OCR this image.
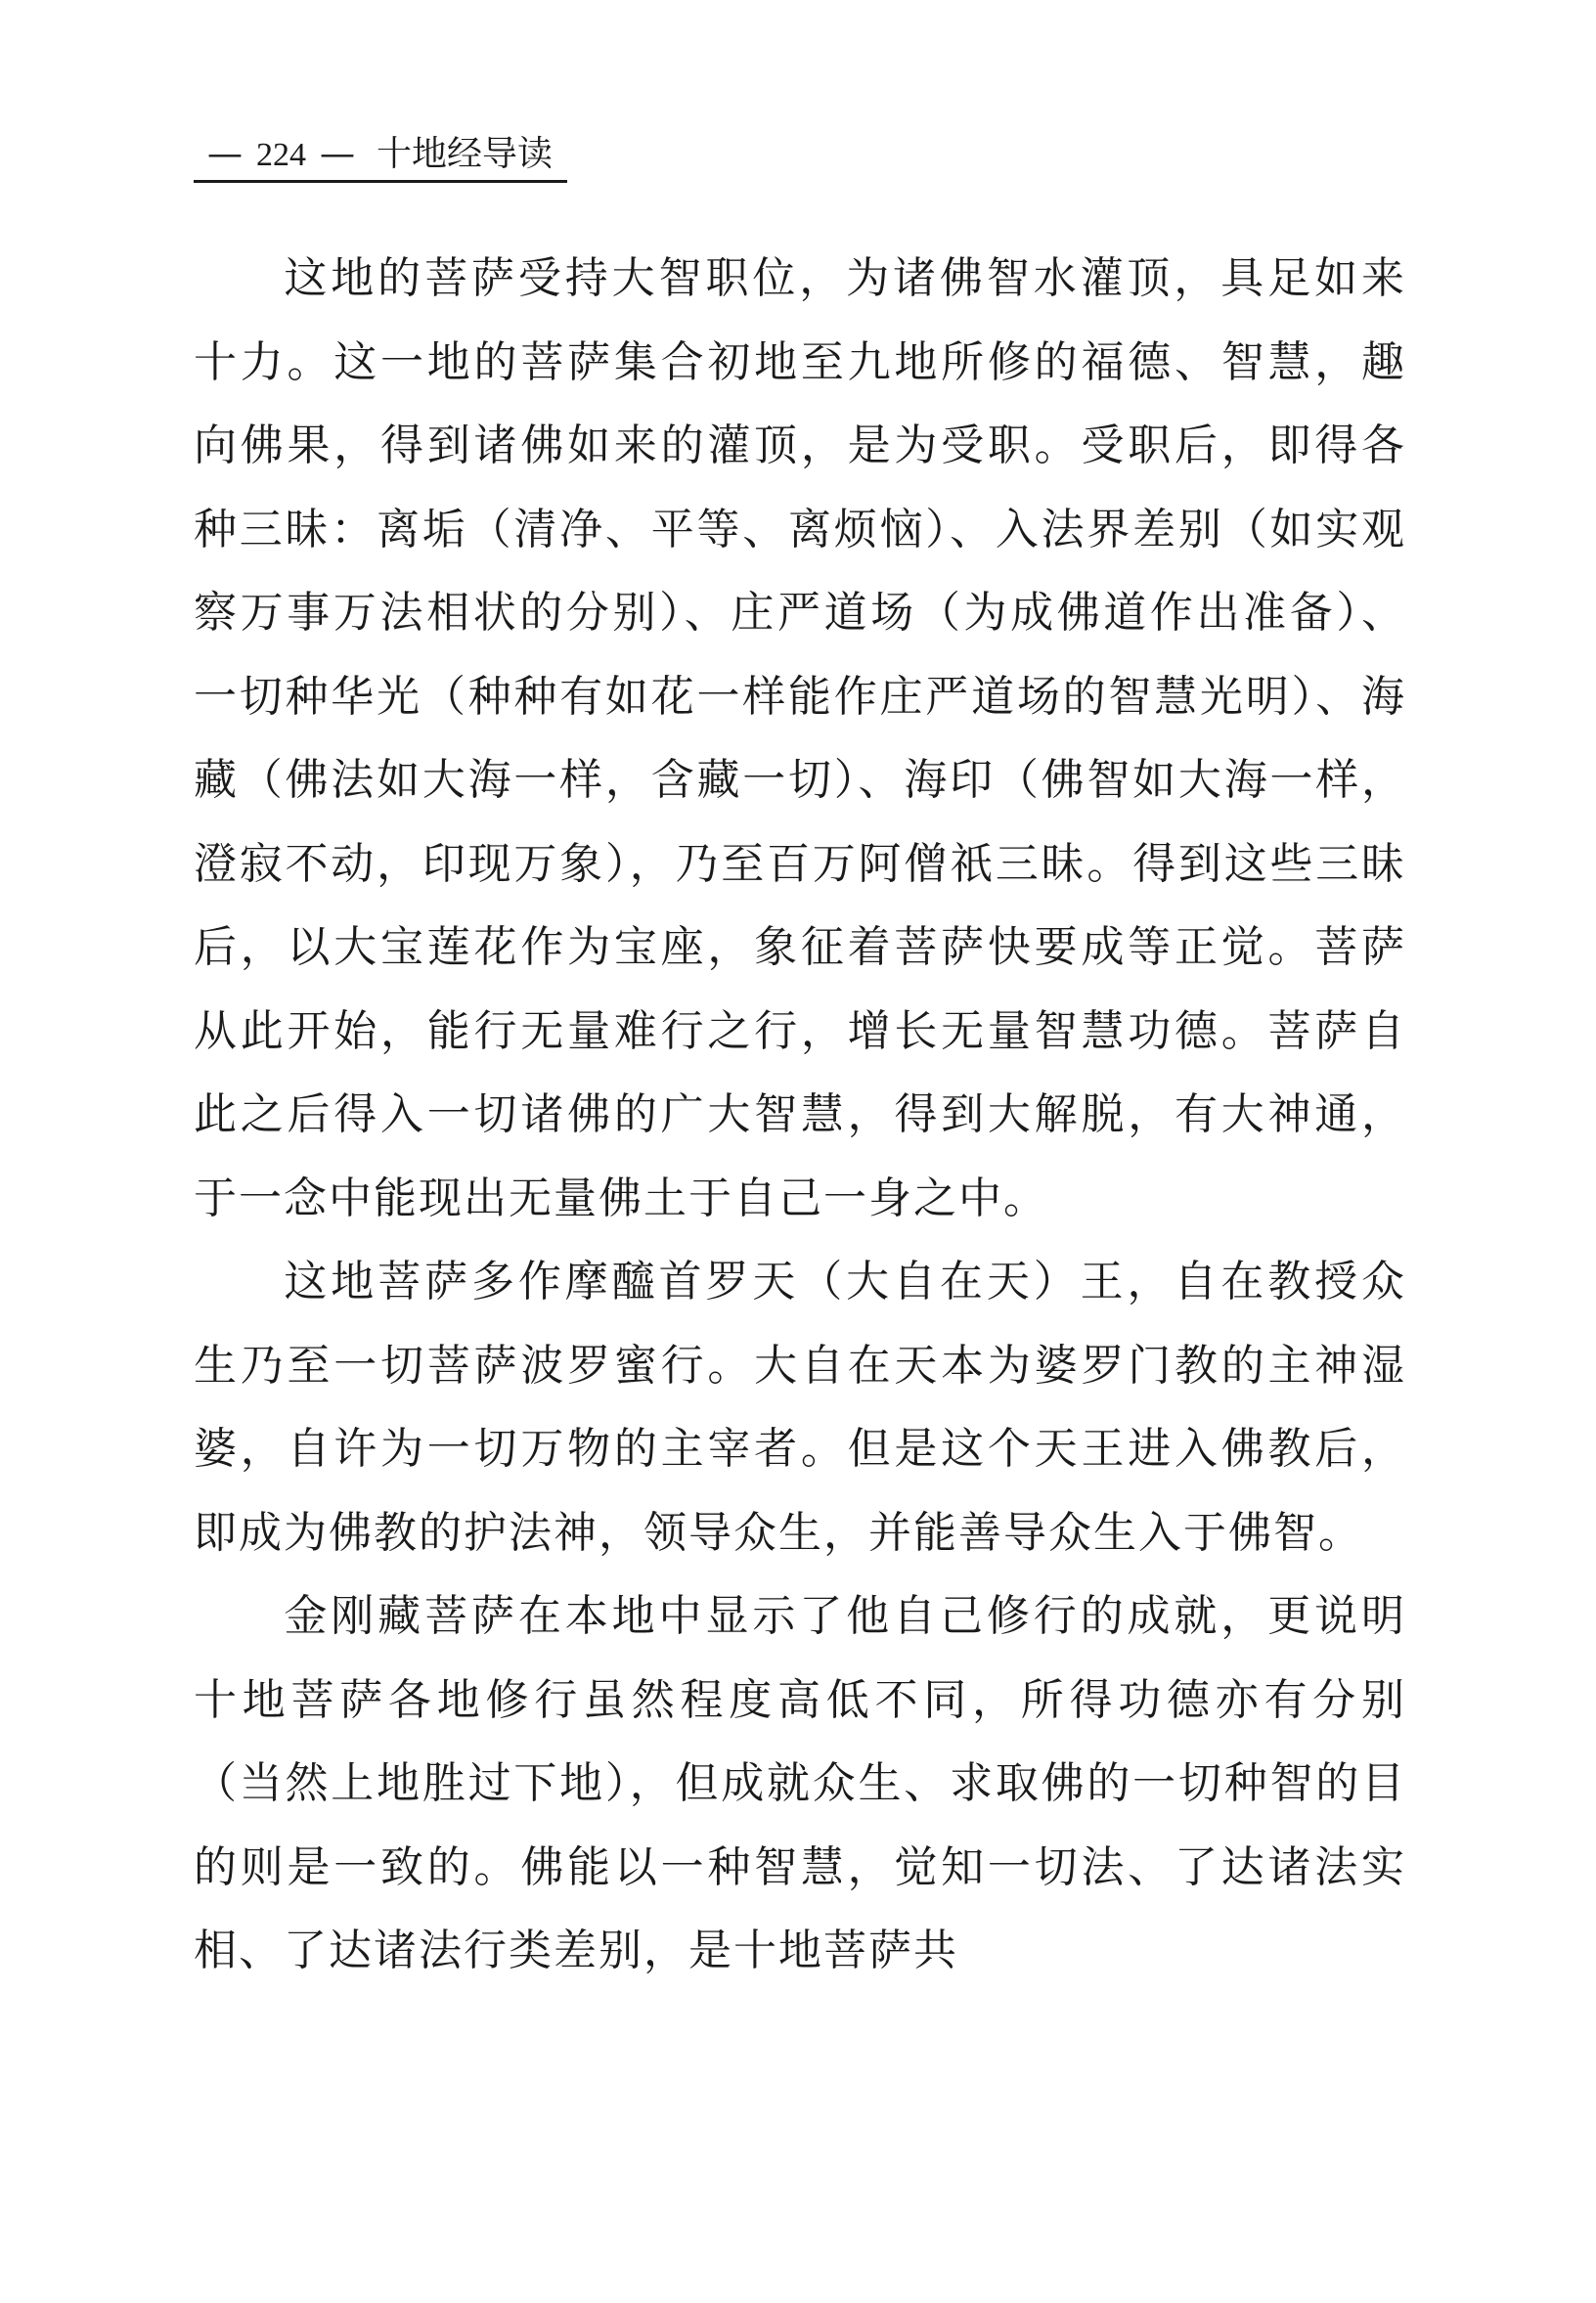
— 224 — 十地经导读

这地的菩萨受持大智职位，为诸佛智水灌顶，具足如来十力。这一地的菩萨集合初地至九地所修的福德、智慧，趣向佛果，得到诸佛如来的灌顶，是为受职。受职后，即得各种三昧：离垢（清净、平等、离烦恼）、入法界差别（如实观察万事万法相状的分别）、庄严道场（为成佛道作出准备）、一切种华光（种种有如花一样能作庄严道场的智慧光明）、海藏（佛法如大海一样，含藏一切）、海印（佛智如大海一样，澄寂不动，印现万象），乃至百万阿僧祇三昧。得到这些三昧后，以大宝莲花作为宝座，象征着菩萨快要成等正觉。菩萨从此开始，能行无量难行之行，增长无量智慧功德。菩萨自此之后得入一切诸佛的广大智慧，得到大解脱，有大神通，于一念中能现出无量佛土于自己一身之中。

这地菩萨多作摩醯首罗天（大自在天）王，自在教授众生乃至一切菩萨波罗蜜行。大自在天本为婆罗门教的主神湿婆，自许为一切万物的主宰者。但是这个天王进入佛教后，即成为佛教的护法神，领导众生，并能善导众生入于佛智。

金刚藏菩萨在本地中显示了他自己修行的成就，更说明十地菩萨各地修行虽然程度高低不同，所得功德亦有分别（当然上地胜过下地），但成就众生、求取佛的一切种智的目的则是一致的。佛能以一种智慧，觉知一切法、了达诸法实相、了达诸法行类差别，是十地菩萨共
